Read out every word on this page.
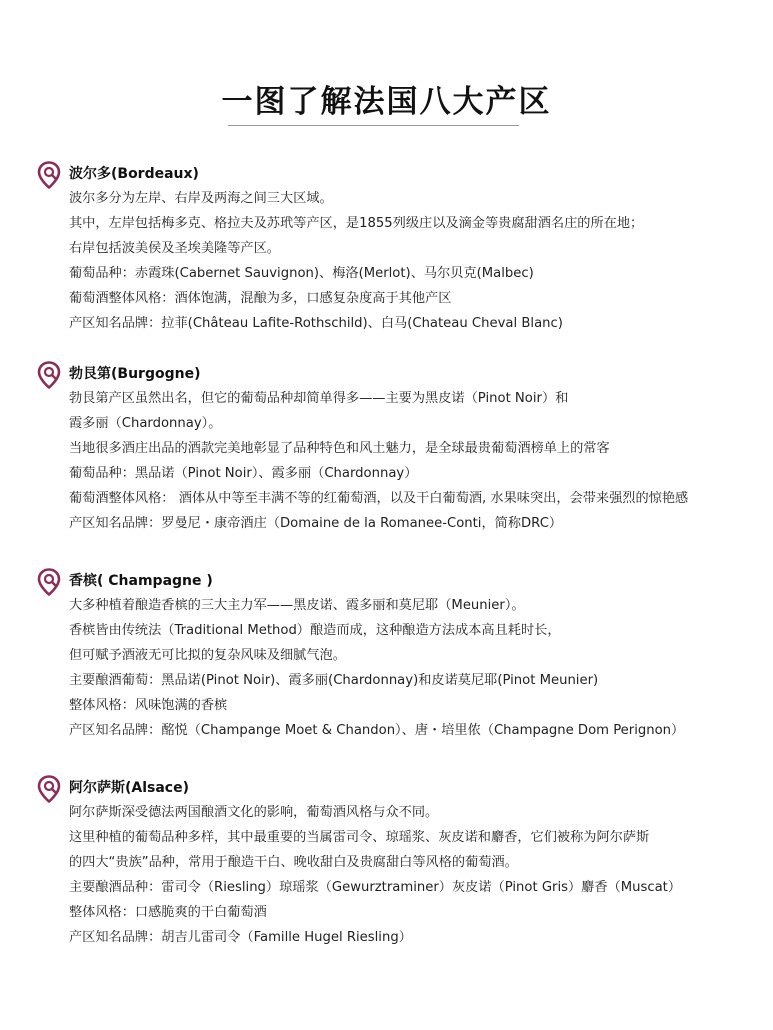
一图了解法国八大产区
波尔多(Bordeaux)
波尔多分为左岸、右岸及两海之间三大区域。
其中，左岸包括梅多克、格拉夫及苏玳等产区，是1855列级庄以及滴金等贵腐甜酒名庄的所在地；
右岸包括波美侯及圣埃美隆等产区。
葡萄品种：赤霞珠(Cabernet Sauvignon)、梅洛(Merlot)、马尔贝克(Malbec)
葡萄酒整体风格：酒体饱满，混酿为多，口感复杂度高于其他产区
产区知名品牌：拉菲(Château Lafite-Rothschild)、白马(Chateau Cheval Blanc)
勃艮第(Burgogne)
勃艮第产区虽然出名，但它的葡萄品种却简单得多——主要为黑皮诺（Pinot Noir）和
霞多丽（Chardonnay）。
当地很多酒庄出品的酒款完美地彰显了品种特色和风土魅力，是全球最贵葡萄酒榜单上的常客
葡萄品种：黑品诺（Pinot Noir）、霞多丽（Chardonnay）
葡萄酒整体风格： 酒体从中等至丰满不等的红葡萄酒，以及干白葡萄酒, 水果味突出，会带来强烈的惊艳感
产区知名品牌：罗曼尼・康帝酒庄（Domaine de la Romanee-Conti，简称DRC）
香槟( Champagne )
大多种植着酿造香槟的三大主力军——黑皮诺、霞多丽和莫尼耶（Meunier）。
香槟皆由传统法（Traditional Method）酿造而成，这种酿造方法成本高且耗时长，
但可赋予酒液无可比拟的复杂风味及细腻气泡。
主要酿酒葡萄：黑品诺(Pinot Noir)、霞多丽(Chardonnay)和皮诺莫尼耶(Pinot Meunier)
整体风格：风味饱满的香槟
产区知名品牌：酩悦（Champange Moet & Chandon）、唐・培里侬（Champagne Dom Perignon）
阿尔萨斯(Alsace)
阿尔萨斯深受德法两国酿酒文化的影响，葡萄酒风格与众不同。
这里种植的葡萄品种多样，其中最重要的当属雷司令、琼瑶浆、灰皮诺和麝香，它们被称为阿尔萨斯
的四大“贵族”品种，常用于酿造干白、晚收甜白及贵腐甜白等风格的葡萄酒。
主要酿酒品种：雷司令（Riesling）琼瑶浆（Gewurztraminer）灰皮诺（Pinot Gris）麝香（Muscat）
整体风格：口感脆爽的干白葡萄酒
产区知名品牌：胡吉儿雷司令（Famille Hugel Riesling）
